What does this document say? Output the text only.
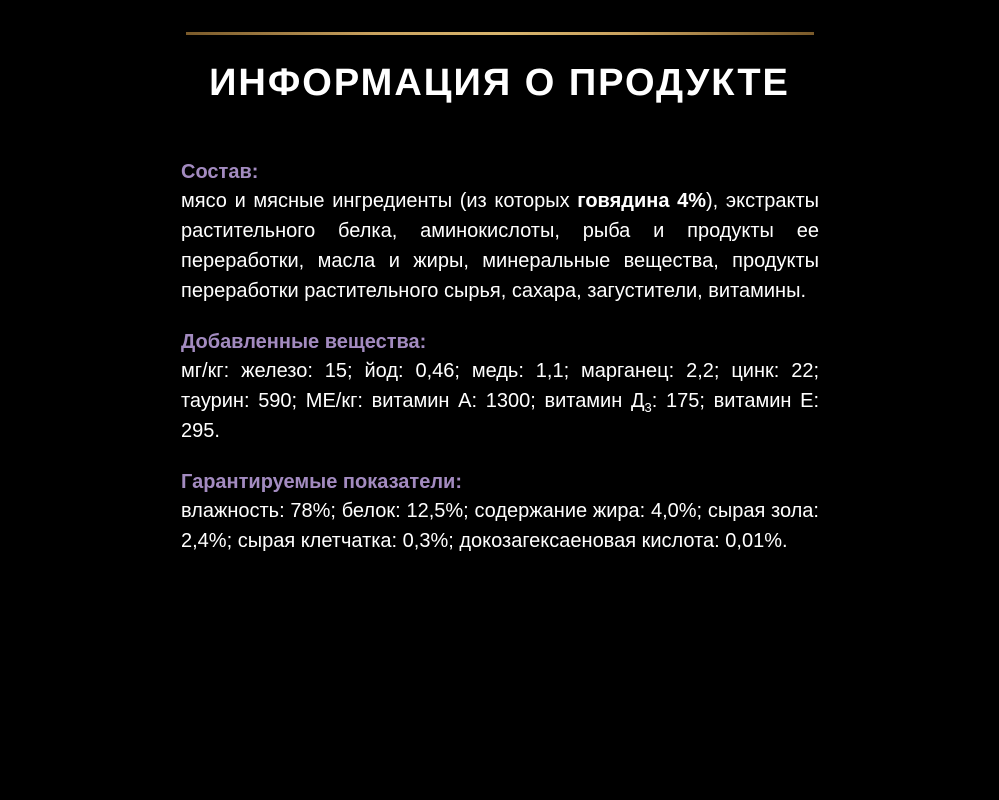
ИНФОРМАЦИЯ О ПРОДУКТЕ
Состав:
мясо и мясные ингредиенты (из которых говядина 4%), экстракты растительного белка, аминокислоты, рыба и продукты ее переработки, масла и жиры, минеральные вещества, продукты переработки растительного сырья, сахара, загустители, витамины.
Добавленные вещества:
мг/кг: железо: 15; йод: 0,46; медь: 1,1; марганец: 2,2; цинк: 22; таурин: 590; МЕ/кг: витамин А: 1300; витамин $Д_3$: 175; витамин Е: 295.
Гарантируемые показатели:
влажность: 78%; белок: 12,5%; содержание жира: 4,0%; сырая зола: 2,4%; сырая клетчатка: 0,3%; докозагексаеновая кислота: 0,01%.
